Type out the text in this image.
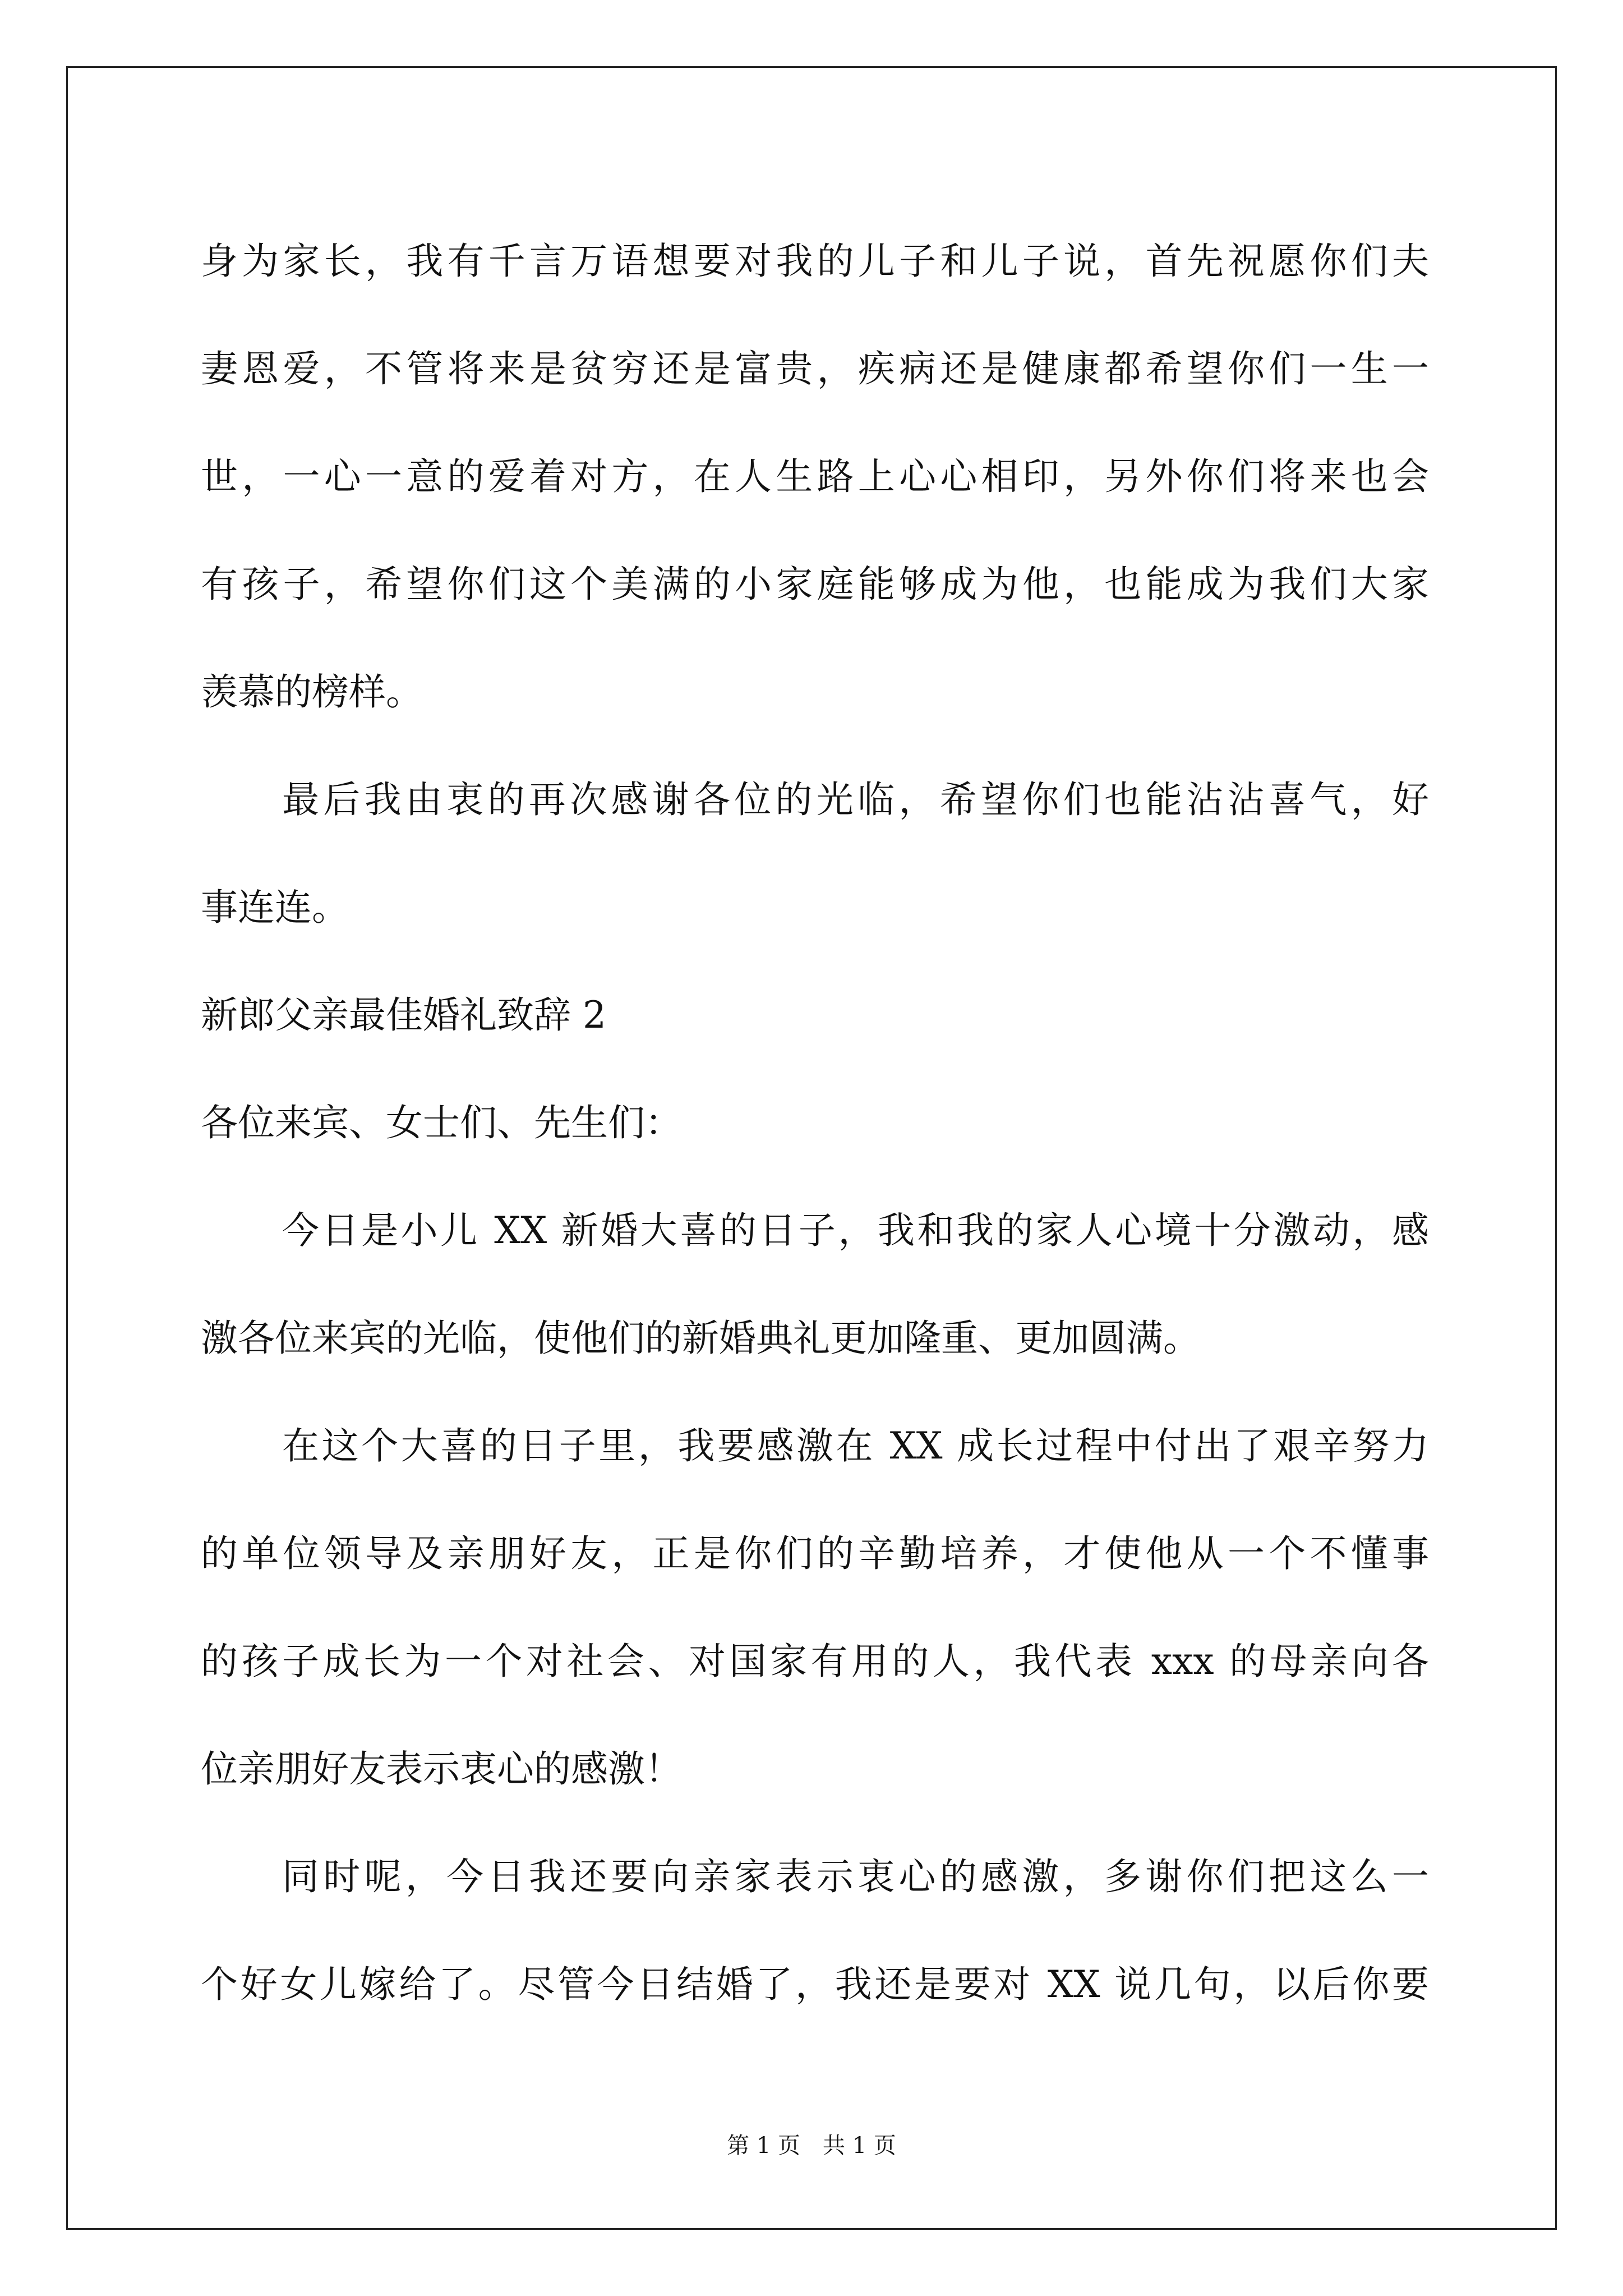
身为家长，我有千言万语想要对我的儿子和儿子说，首先祝愿你们夫
妻恩爱，不管将来是贫穷还是富贵，疾病还是健康都希望你们一生一
世，一心一意的爱着对方，在人生路上心心相印，另外你们将来也会
有孩子，希望你们这个美满的小家庭能够成为他，也能成为我们大家
羡慕的榜样。
最后我由衷的再次感谢各位的光临，希望你们也能沾沾喜气，好
事连连。
新郎父亲最佳婚礼致辞 2
各位来宾、女士们、先生们：
今日是小儿 XX 新婚大喜的日子，我和我的家人心境十分激动，感
激各位来宾的光临，使他们的新婚典礼更加隆重、更加圆满。
在这个大喜的日子里，我要感激在 XX 成长过程中付出了艰辛努力
的单位领导及亲朋好友，正是你们的辛勤培养，才使他从一个不懂事
的孩子成长为一个对社会、对国家有用的人，我代表 xxx 的母亲向各
位亲朋好友表示衷心的感激！
同时呢，今日我还要向亲家表示衷心的感激，多谢你们把这么一
个好女儿嫁给了。尽管今日结婚了，我还是要对 XX 说几句，以后你要
第 1 页 共 1 页
